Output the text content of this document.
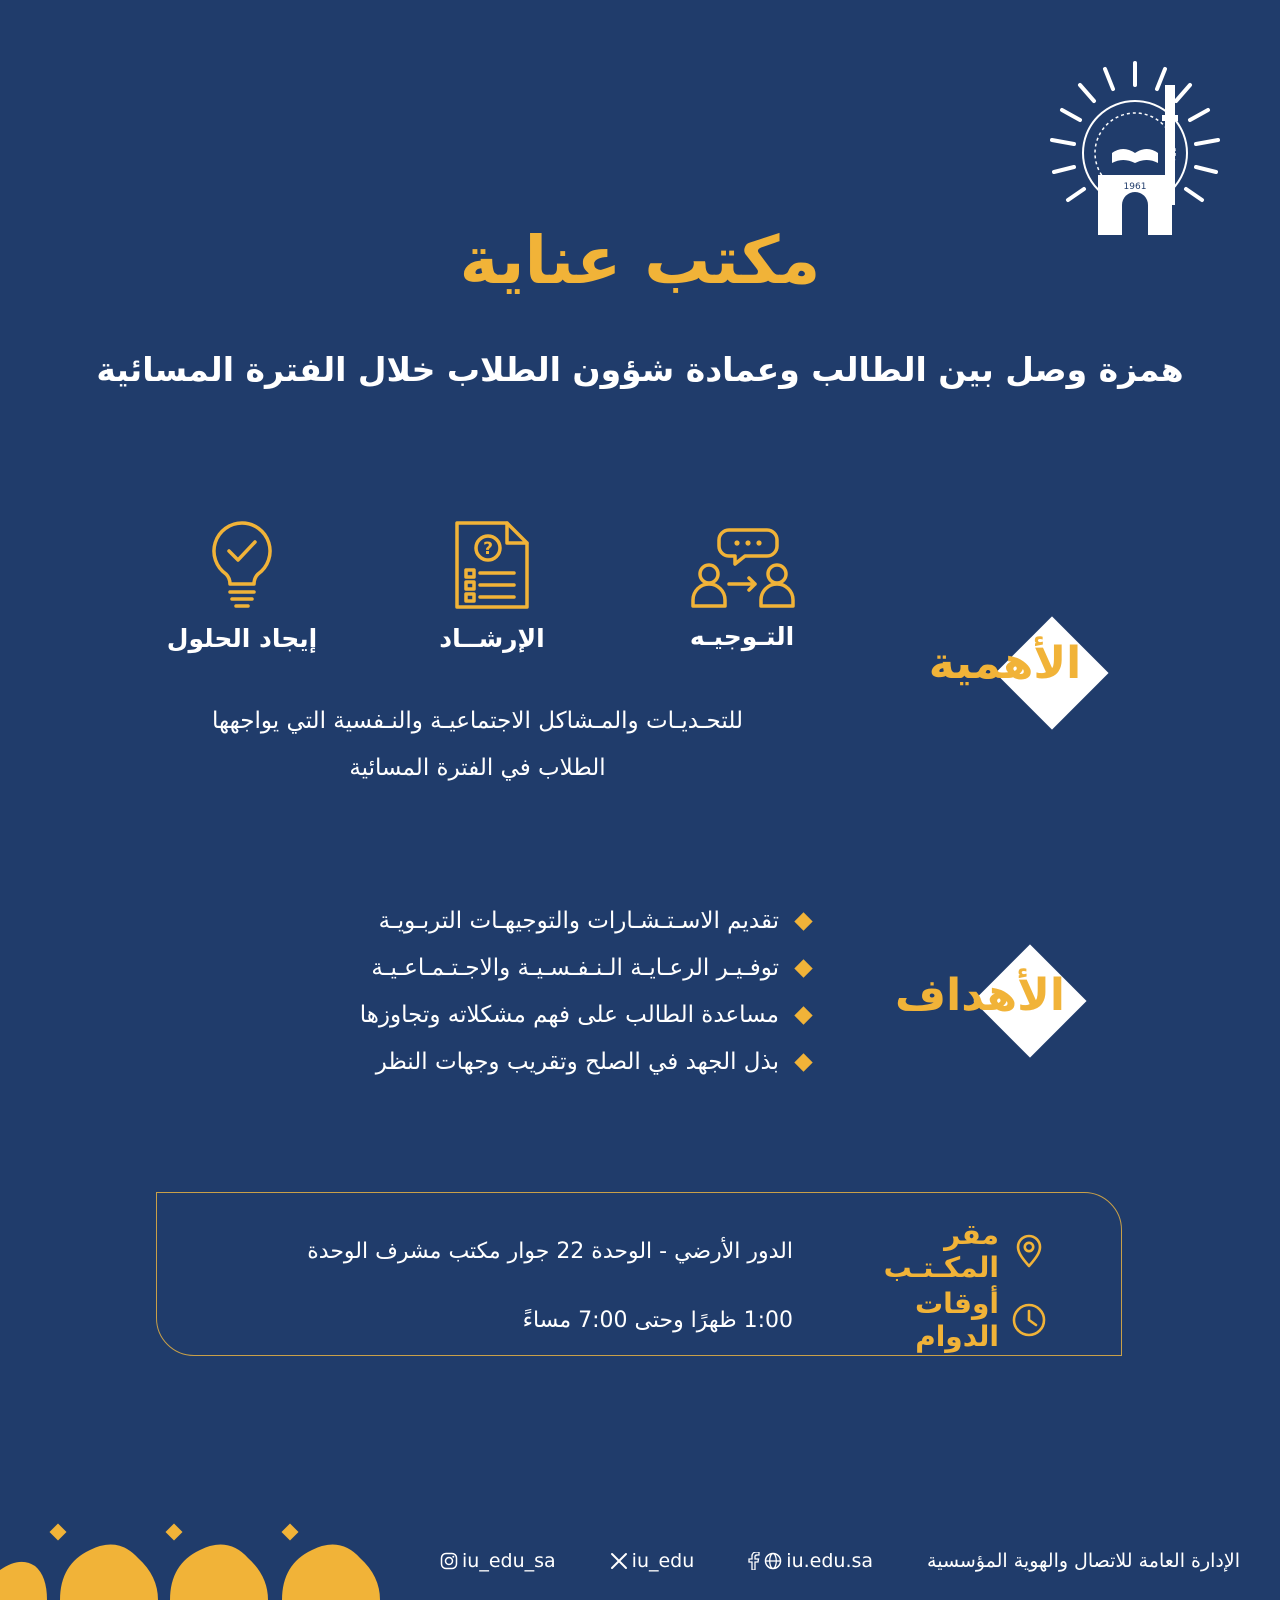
1961
مكتب عناية
همزة وصل بين الطالب وعمادة شؤون الطلاب خلال الفترة المسائية
الأهمية
التـوجيـه
?
الإرشــاد
إيجاد الحلول
للتحـديـات والمـشاكل الاجتماعيـة والنـفسية التي يواجهها
الطلاب في الفترة المسائية
الأهداف
تقديم الاسـتـشـارات والتوجيهـات التربـويـة
توفـيـر الرعـايـة الـنـفـسـيـة والاجـتـمـاعـيـة
مساعدة الطالب على فهم مشكلاته وتجاوزها
بذل الجهد في الصلح وتقريب وجهات النظر
مقر المكـتـب
الدور الأرضي - الوحدة 22 جوار مكتب مشرف الوحدة
أوقات الدوام
1:00 ظهرًا وحتى 7:00 مساءً
الإدارة العامة للاتصال والهوية المؤسسية
iu.edu.sa
iu_edu
iu_edu_sa
